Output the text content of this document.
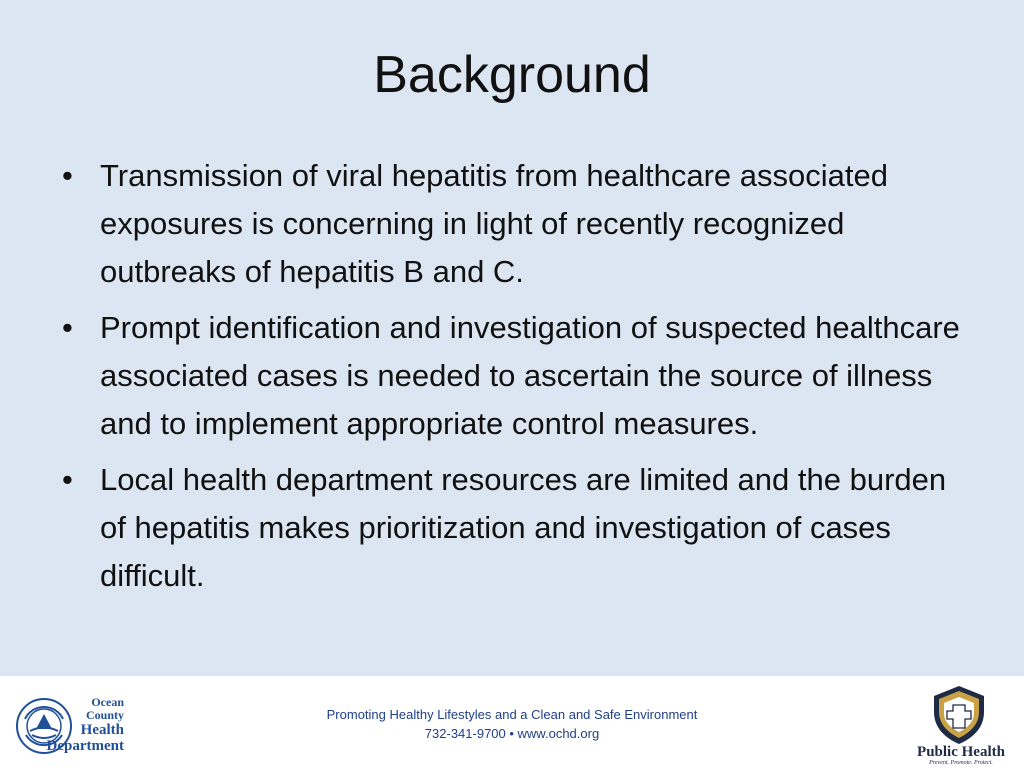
Background
• Transmission of viral hepatitis from healthcare associated exposures is concerning in light of recently recognized outbreaks of hepatitis B and C.
• Prompt identification and investigation of suspected healthcare associated cases is needed to ascertain the source of illness and to implement appropriate control measures.
• Local health department resources are limited and the burden of hepatitis makes prioritization and investigation of cases difficult.
Ocean
County
Health
Department
Promoting Healthy Lifestyles and a Clean and Safe Environment
732-341-9700 • www.ochd.org
Public Health
Prevent. Promote. Protect.
